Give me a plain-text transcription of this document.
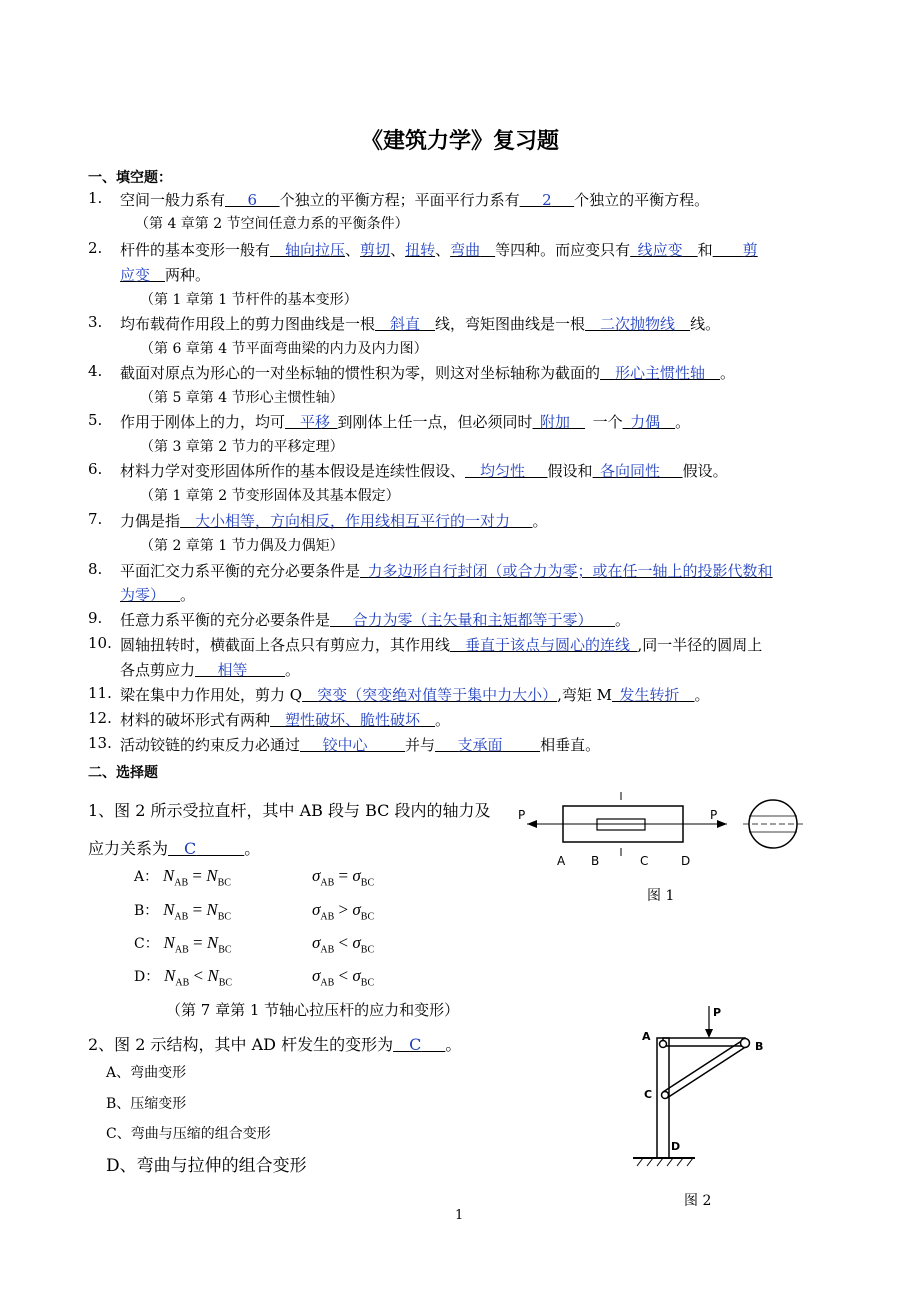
《建筑力学》复习题
一、填空题：
1.	空间一般力系有    6    个独立的平衡方程；平面平行力系有    2    个独立的平衡方程。
（第 4 章第 2 节空间任意力系的平衡条件）
2.	杆件的基本变形一般有   轴向拉压、剪切、扭转、弯曲   等四种。而应变只有  线应变   和     剪
应变   两种。
（第 1 章第 1 节杆件的基本变形）
3.	均布载荷作用段上的剪力图曲线是一根   斜直   线，弯矩图曲线是一根   二次抛物线   线。
（第 6 章第 4 节平面弯曲梁的内力及内力图）
4.	截面对原点为形心的一对坐标轴的惯性积为零，则这对坐标轴称为截面的   形心主惯性轴   。
（第 5 章第 4 节形心主惯性轴）
5.	作用于刚体上的力，均可   平移  到刚体上任一点，但必须同时  附加    一个  力偶   。
（第 3 章第 2 节力的平移定理）
6.	材料力学对变形固体所作的基本假设是连续性假设、   均匀性    假设和  各向同性    假设。
（第 1 章第 2 节变形固体及其基本假定）
7.	力偶是指   大小相等，方向相反，作用线相互平行的一对力    。
（第 2 章第 1 节力偶及力偶矩）
8.	平面汇交力系平衡的充分必要条件是  力多边形自行封闭（或合力为零；或在任一轴上的投影代数和
为零）   。
9.	任意力系平衡的充分必要条件是    合力为零（主矢量和主矩都等于零）    。
10. 圆轴扭转时，横截面上各点只有剪应力，其作用线   垂直于该点与圆心的连线  ,同一半径的圆周上
各点剪应力    相等     	。
11. 梁在集中力作用处，剪力 Q   突变（突变绝对值等于集中力大小）,弯矩 M  发生转折   。
12. 材料的破坏形式有两种   塑性破坏、脆性破坏   。
13. 活动铰链的约束反力必通过    铰中心     	并与    支承面     	相垂直。
二、选择题
1、图 2 所示受拉直杆，其中 AB 段与 BC 段内的轴力及
应力关系为   C      	。
A： $N_{AB} = N_{BC}$	$\sigma_{AB} = \sigma_{BC}$
B： $N_{AB} = N_{BC}$	$\sigma_{AB} > \sigma_{BC}$
C： $N_{AB} = N_{BC}$	$\sigma_{AB} < \sigma_{BC}$
D： $N_{AB} < N_{BC}$	$\sigma_{AB} < \sigma_{BC}$
（第 7 章第 1 节轴心拉压杆的应力和变形）
P	P
A B	C	D
图 1
2、图 2 示结构，其中 AD 杆发生的变形为   C    。
A、弯曲变形
B、压缩变形
C、弯曲与压缩的组合变形
D、弯曲与拉伸的组合变形
P
A
B
C
D
图 2
1
